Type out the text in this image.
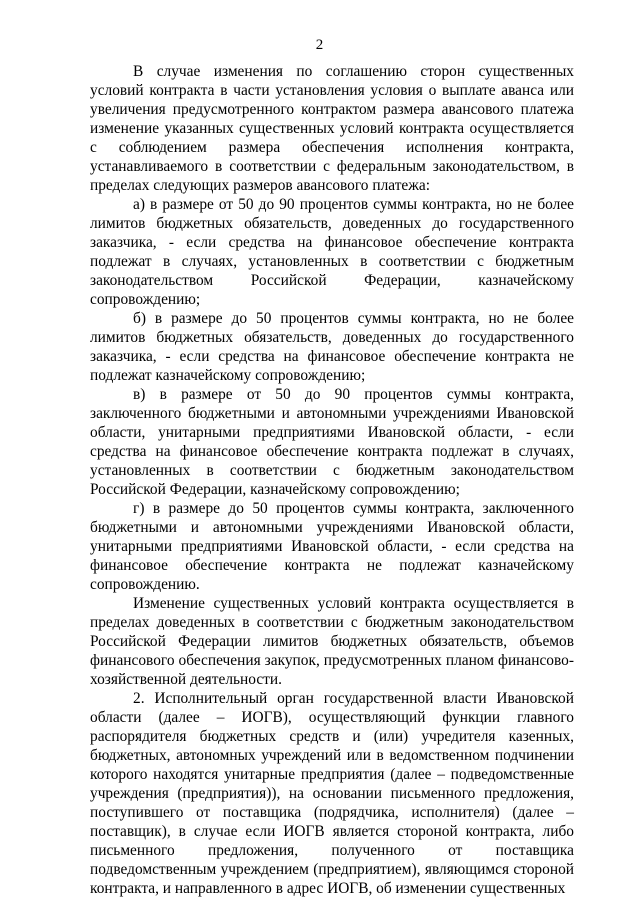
2

В случае изменения по соглашению сторон существенных условий контракта в части установления условия о выплате аванса или увеличения предусмотренного контрактом размера авансового платежа изменение указанных существенных условий контракта осуществляется с соблюдением размера обеспечения исполнения контракта, устанавливаемого в соответствии с федеральным законодательством, в пределах следующих размеров авансового платежа:

а) в размере от 50 до 90 процентов суммы контракта, но не более лимитов бюджетных обязательств, доведенных до государственного заказчика, - если средства на финансовое обеспечение контракта подлежат в случаях, установленных в соответствии с бюджетным законодательством Российской Федерации, казначейскому сопровождению;

б) в размере до 50 процентов суммы контракта, но не более лимитов бюджетных обязательств, доведенных до государственного заказчика, - если средства на финансовое обеспечение контракта не подлежат казначейскому сопровождению;

в) в размере от 50 до 90 процентов суммы контракта, заключенного бюджетными и автономными учреждениями Ивановской области, унитарными предприятиями Ивановской области, - если средства на финансовое обеспечение контракта подлежат в случаях, установленных в соответствии с бюджетным законодательством Российской Федерации, казначейскому сопровождению;

г) в размере до 50 процентов суммы контракта, заключенного бюджетными и автономными учреждениями Ивановской области, унитарными предприятиями Ивановской области, - если средства на финансовое обеспечение контракта не подлежат казначейскому сопровождению.

Изменение существенных условий контракта осуществляется в пределах доведенных в соответствии с бюджетным законодательством Российской Федерации лимитов бюджетных обязательств, объемов финансового обеспечения закупок, предусмотренных планом финансово-хозяйственной деятельности.

2. Исполнительный орган государственной власти Ивановской области (далее – ИОГВ), осуществляющий функции главного распорядителя бюджетных средств и (или) учредителя казенных, бюджетных, автономных учреждений или в ведомственном подчинении которого находятся унитарные предприятия (далее – подведомственные учреждения (предприятия)), на основании письменного предложения, поступившего от поставщика (подрядчика, исполнителя) (далее – поставщик), в случае если ИОГВ является стороной контракта, либо письменного предложения, полученного от поставщика подведомственным учреждением (предприятием), являющимся стороной контракта, и направленного в адрес ИОГВ, об изменении существенных
